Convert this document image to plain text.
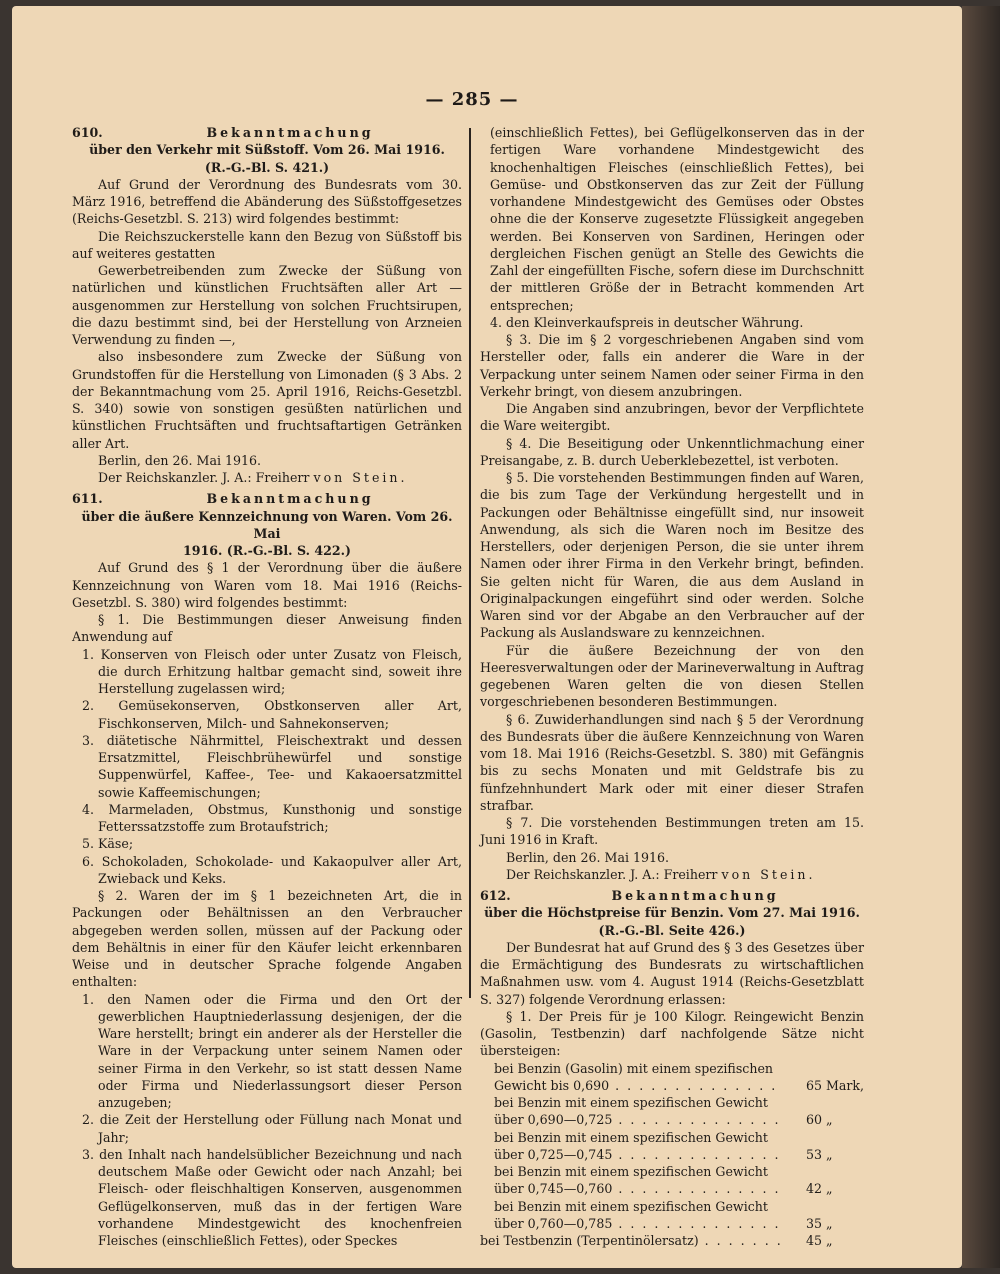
— 285 —
610.	Bekanntmachung

über den Verkehr mit Süßstoff. Vom 26. Mai 1916.

(R.-G.-Bl. S. 421.)

Auf Grund der Verordnung des Bundesrats vom 30. März 1916, betreffend die Abänderung des Süßstoffgesetzes (Reichs-Gesetzbl. S. 213) wird folgendes bestimmt:

Die Reichszuckerstelle kann den Bezug von Süßstoff bis auf weiteres gestatten

Gewerbetreibenden zum Zwecke der Süßung von natürlichen und künstlichen Fruchtsäften aller Art — ausgenommen zur Herstellung von solchen Fruchtsirupen, die dazu bestimmt sind, bei der Herstellung von Arzneien Verwendung zu finden —,

also insbesondere zum Zwecke der Süßung von Grundstoffen für die Herstellung von Limonaden (§ 3 Abs. 2 der Bekanntmachung vom 25. April 1916, Reichs-Gesetzbl. S. 340) sowie von sonstigen gesüßten natürlichen und künstlichen Fruchtsäften und fruchtsaftartigen Getränken aller Art.

Berlin, den 26. Mai 1916.

Der Reichskanzler. J. A.: Freiherr von Stein.

611.	Bekanntmachung

über die äußere Kennzeichnung von Waren. Vom 26. Mai

1916. (R.-G.-Bl. S. 422.)

Auf Grund des § 1 der Verordnung über die äußere Kennzeichnung von Waren vom 18. Mai 1916 (Reichs-Gesetzbl. S. 380) wird folgendes bestimmt:

§ 1. Die Bestimmungen dieser Anweisung finden Anwendung auf

1. Konserven von Fleisch oder unter Zusatz von Fleisch, die durch Erhitzung haltbar gemacht sind, soweit ihre Herstellung zugelassen wird;

2. Gemüsekonserven, Obstkonserven aller Art, Fischkonserven, Milch- und Sahnekonserven;

3. diätetische Nährmittel, Fleischextrakt und dessen Ersatzmittel, Fleischbrühewürfel und sonstige Suppenwürfel, Kaffee-, Tee- und Kakaoersatzmittel sowie Kaffeemischungen;

4. Marmeladen, Obstmus, Kunsthonig und sonstige Fetterssatzstoffe zum Brotaufstrich;

5. Käse;

6. Schokoladen, Schokolade- und Kakaopulver aller Art, Zwieback und Keks.

§ 2. Waren der im § 1 bezeichneten Art, die in Packungen oder Behältnissen an den Verbraucher abgegeben werden sollen, müssen auf der Packung oder dem Behältnis in einer für den Käufer leicht erkennbaren Weise und in deutscher Sprache folgende Angaben enthalten:

1. den Namen oder die Firma und den Ort der gewerblichen Hauptniederlassung desjenigen, der die Ware herstellt; bringt ein anderer als der Hersteller die Ware in der Verpackung unter seinem Namen oder seiner Firma in den Verkehr, so ist statt dessen Name oder Firma und Niederlassungsort dieser Person anzugeben;

2. die Zeit der Herstellung oder Füllung nach Monat und Jahr;

3. den Inhalt nach handelsüblicher Bezeichnung und nach deutschem Maße oder Gewicht oder nach Anzahl; bei Fleisch- oder fleischhaltigen Konserven, ausgenommen Geflügelkonserven, muß das in der fertigen Ware vorhandene Mindestgewicht des knochenfreien Fleisches (einschließlich Fettes), oder Speckes

(einschließlich Fettes), bei Geflügelkonserven das in der fertigen Ware vorhandene Mindestgewicht des knochenhaltigen Fleisches (einschließlich Fettes), bei Gemüse- und Obstkonserven das zur Zeit der Füllung vorhandene Mindestgewicht des Gemüses oder Obstes ohne die der Konserve zugesetzte Flüssigkeit angegeben werden. Bei Konserven von Sardinen, Heringen oder dergleichen Fischen genügt an Stelle des Gewichts die Zahl der eingefüllten Fische, sofern diese im Durchschnitt der mittleren Größe der in Betracht kommenden Art entsprechen;

4. den Kleinverkaufspreis in deutscher Währung.

§ 3. Die im § 2 vorgeschriebenen Angaben sind vom Hersteller oder, falls ein anderer die Ware in der Verpackung unter seinem Namen oder seiner Firma in den Verkehr bringt, von diesem anzubringen.

Die Angaben sind anzubringen, bevor der Verpflichtete die Ware weitergibt.

§ 4. Die Beseitigung oder Unkenntlichmachung einer Preisangabe, z. B. durch Ueberklebezettel, ist verboten.

§ 5. Die vorstehenden Bestimmungen finden auf Waren, die bis zum Tage der Verkündung hergestellt und in Packungen oder Behältnisse eingefüllt sind, nur insoweit Anwendung, als sich die Waren noch im Besitze des Herstellers, oder derjenigen Person, die sie unter ihrem Namen oder ihrer Firma in den Verkehr bringt, befinden. Sie gelten nicht für Waren, die aus dem Ausland in Originalpackungen eingeführt sind oder werden. Solche Waren sind vor der Abgabe an den Verbraucher auf der Packung als Auslandsware zu kennzeichnen.

Für die äußere Bezeichnung der von den Heeresverwaltungen oder der Marineverwaltung in Auftrag gegebenen Waren gelten die von diesen Stellen vorgeschriebenen besonderen Bestimmungen.

§ 6. Zuwiderhandlungen sind nach § 5 der Verordnung des Bundesrats über die äußere Kennzeichnung von Waren vom 18. Mai 1916 (Reichs-Gesetzbl. S. 380) mit Gefängnis bis zu sechs Monaten und mit Geldstrafe bis zu fünfzehnhundert Mark oder mit einer dieser Strafen strafbar.

§ 7. Die vorstehenden Bestimmungen treten am 15. Juni 1916 in Kraft.

Berlin, den 26. Mai 1916.

Der Reichskanzler. J. A.: Freiherr von Stein.

612.	Bekanntmachung

über die Höchstpreise für Benzin. Vom 27. Mai 1916.

(R.-G.-Bl. Seite 426.)

Der Bundesrat hat auf Grund des § 3 des Gesetzes über die Ermächtigung des Bundesrats zu wirtschaftlichen Maßnahmen usw. vom 4. August 1914 (Reichs-Gesetzblatt S. 327) folgende Verordnung erlassen:

§ 1. Der Preis für je 100 Kilogr. Reingewicht Benzin (Gasolin, Testbenzin) darf nachfolgende Sätze nicht übersteigen:

bei Benzin (Gasolin) mit einem spezifischen

Gewicht bis 0,690 . . .	65 Mark,

bei Benzin mit einem spezifischen Gewicht

über 0,690—0,725 . . .	60 „

bei Benzin mit einem spezifischen Gewicht

über 0,725—0,745 . . .	53 „

bei Benzin mit einem spezifischen Gewicht

über 0,745—0,760 . . .	42 „

bei Benzin mit einem spezifischen Gewicht

über 0,760—0,785 . . .	35 „
bei Testbenzin (Terpentinölersatz) . . .	45 „
